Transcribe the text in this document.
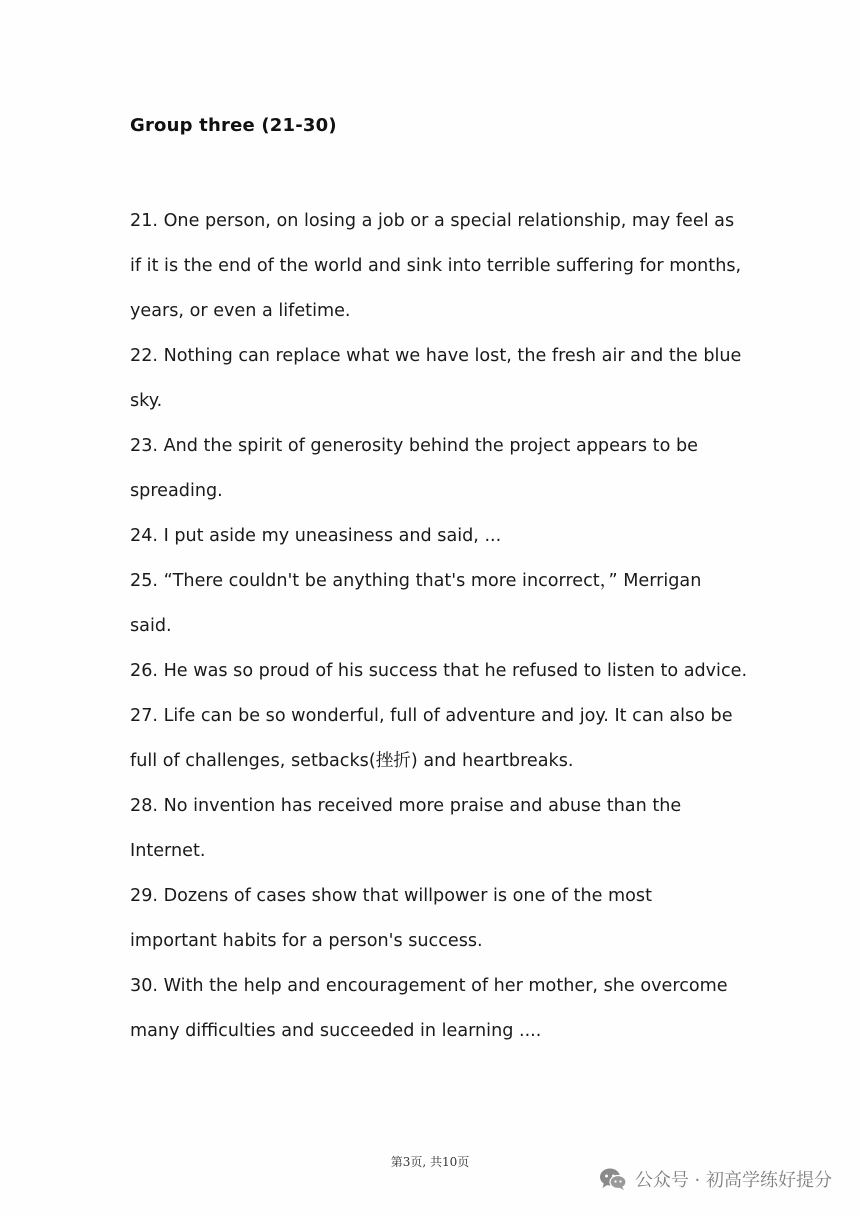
Group three (21-30)
21. One person, on losing a job or a special relationship, may feel as
if it is the end of the world and sink into terrible suffering for months,
years, or even a lifetime.
22. Nothing can replace what we have lost, the fresh air and the blue
sky.
23. And the spirit of generosity behind the project appears to be
spreading.
24. I put aside my uneasiness and said, ...
25. “There couldn't be anything that's more incorrect，” Merrigan
said.
26. He was so proud of his success that he refused to listen to advice.
27. Life can be so wonderful, full of adventure and joy. It can also be
full of challenges, setbacks(挫折) and heartbreaks.
28. No invention has received more praise and abuse than the
Internet.
29. Dozens of cases show that willpower is one of the most
important habits for a person's success.
30. With the help and encouragement of her mother, she overcome
many difficulties and succeeded in learning ....
第3页, 共10页
公众号 · 初高学练好提分
